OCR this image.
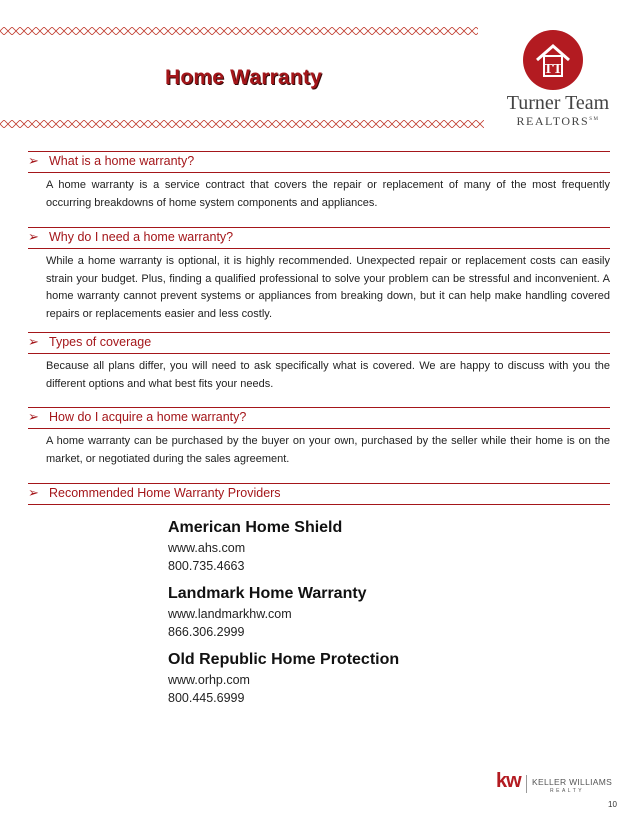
Home Warranty	TT
Turner Team
REALTORS℠
➢ What is a home warranty?
A home warranty is a service contract that covers the repair or replacement of many of the most frequently occurring breakdowns of home system components and appliances.
➢ Why do I need a home warranty?
While a home warranty is optional, it is highly recommended. Unexpected repair or replacement costs can easily strain your budget. Plus, finding a qualified professional to solve your problem can be stressful and inconvenient. A home warranty cannot prevent systems or appliances from breaking down, but it can help make handling covered repairs or replacements easier and less costly.
➢ Types of coverage
Because all plans differ, you will need to ask specifically what is covered. We are happy to discuss with you the different options and what best fits your needs.
➢ How do I acquire a home warranty?
A home warranty can be purchased by the buyer on your own, purchased by the seller while their home is on the market, or negotiated during the sales agreement.
➢ Recommended Home Warranty Providers
American Home Shield
www.ahs.com
800.735.4663
Landmark Home Warranty
www.landmarkhw.com
866.306.2999
Old Republic Home Protection
www.orhp.com
800.445.6999
kw KELLER WILLIAMS
REALTY
10
